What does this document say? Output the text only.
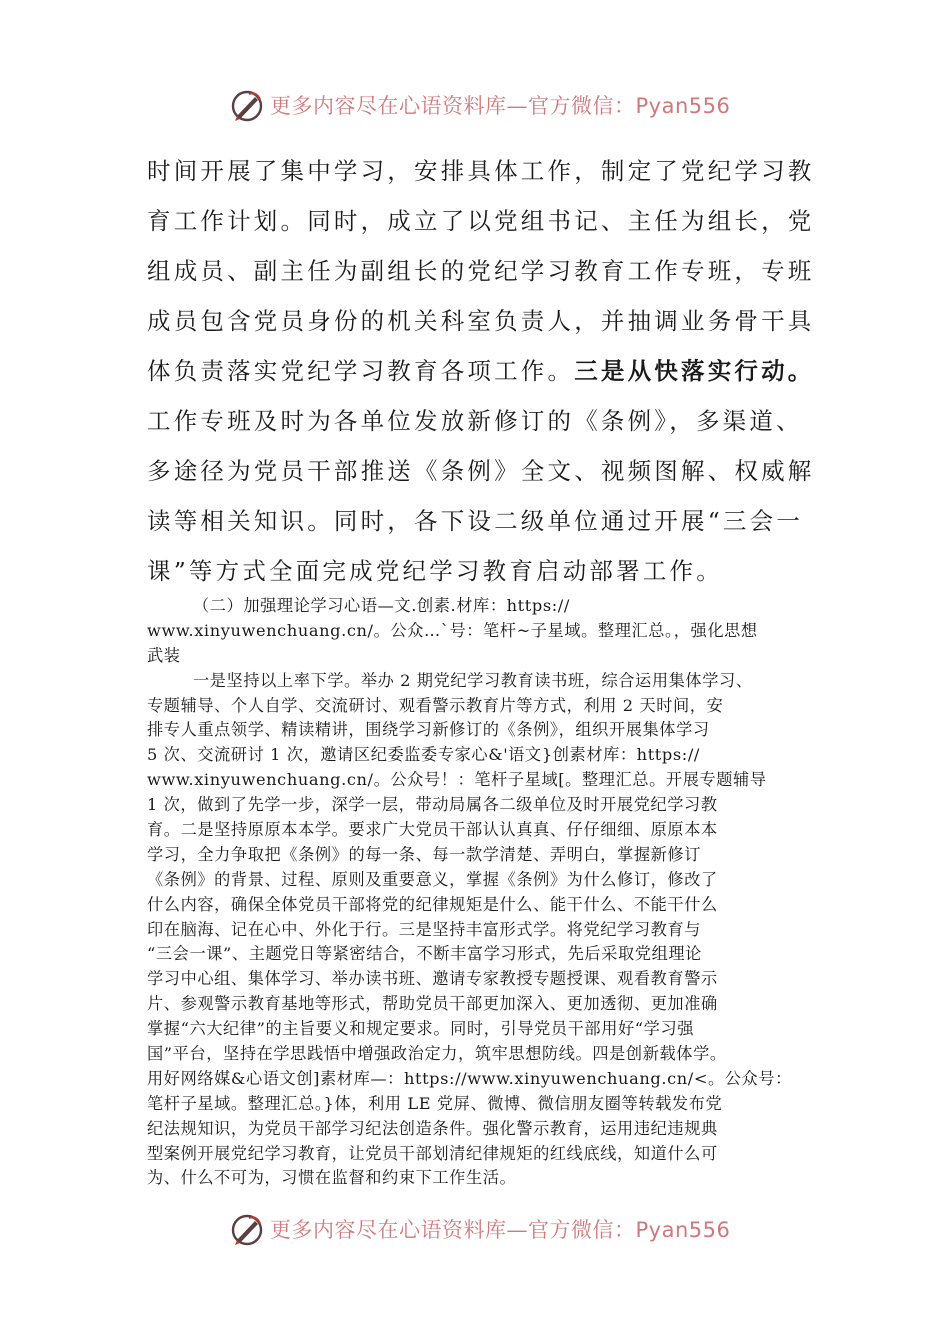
更多内容尽在心语资料库—官方微信：Pyan556
时间开展了集中学习，安排具体工作，制定了党纪学习教
育工作计划。同时，成立了以党组书记、主任为组长，党
组成员、副主任为副组长的党纪学习教育工作专班，专班
成员包含党员身份的机关科室负责人，并抽调业务骨干具
体负责落实党纪学习教育各项工作。三是从快落实行动。
工作专班及时为各单位发放新修订的《条例》，多渠道、
多途径为党员干部推送《条例》全文、视频图解、权威解
读等相关知识。同时，各下设二级单位通过开展“三会一
课”等方式全面完成党纪学习教育启动部署工作。
（二）加强理论学习心语—文.创素.材库：https://
www.xinyuwenchuang.cn/。公众…`号：笔杆~子星域。整理汇总。，强化思想
武装
一是坚持以上率下学。举办 2 期党纪学习教育读书班，综合运用集体学习、
专题辅导、个人自学、交流研讨、观看警示教育片等方式，利用 2 天时间，安
排专人重点领学、精读精讲，围绕学习新修订的《条例》，组织开展集体学习
5 次、交流研讨 1 次，邀请区纪委监委专家心&'语文}创素材库：https://
www.xinyuwenchuang.cn/。公众号！：笔杆子星域[。整理汇总。开展专题辅导
1 次，做到了先学一步，深学一层，带动局属各二级单位及时开展党纪学习教
育。二是坚持原原本本学。要求广大党员干部认认真真、仔仔细细、原原本本
学习，全力争取把《条例》的每一条、每一款学清楚、弄明白，掌握新修订
《条例》的背景、过程、原则及重要意义，掌握《条例》为什么修订，修改了
什么内容，确保全体党员干部将党的纪律规矩是什么、能干什么、不能干什么
印在脑海、记在心中、外化于行。三是坚持丰富形式学。将党纪学习教育与
“三会一课”、主题党日等紧密结合，不断丰富学习形式，先后采取党组理论
学习中心组、集体学习、举办读书班、邀请专家教授专题授课、观看教育警示
片、参观警示教育基地等形式，帮助党员干部更加深入、更加透彻、更加准确
掌握“六大纪律”的主旨要义和规定要求。同时，引导党员干部用好“学习强
国”平台，坚持在学思践悟中增强政治定力，筑牢思想防线。四是创新载体学。
用好网络媒&心语文创]素材库—：https://www.xinyuwenchuang.cn/<。公众号：
笔杆子星域。整理汇总。}体，利用 LE 党屏、微博、微信朋友圈等转载发布党
纪法规知识，为党员干部学习纪法创造条件。强化警示教育，运用违纪违规典
型案例开展党纪学习教育，让党员干部划清纪律规矩的红线底线，知道什么可
为、什么不可为，习惯在监督和约束下工作生活。
更多内容尽在心语资料库—官方微信：Pyan556
